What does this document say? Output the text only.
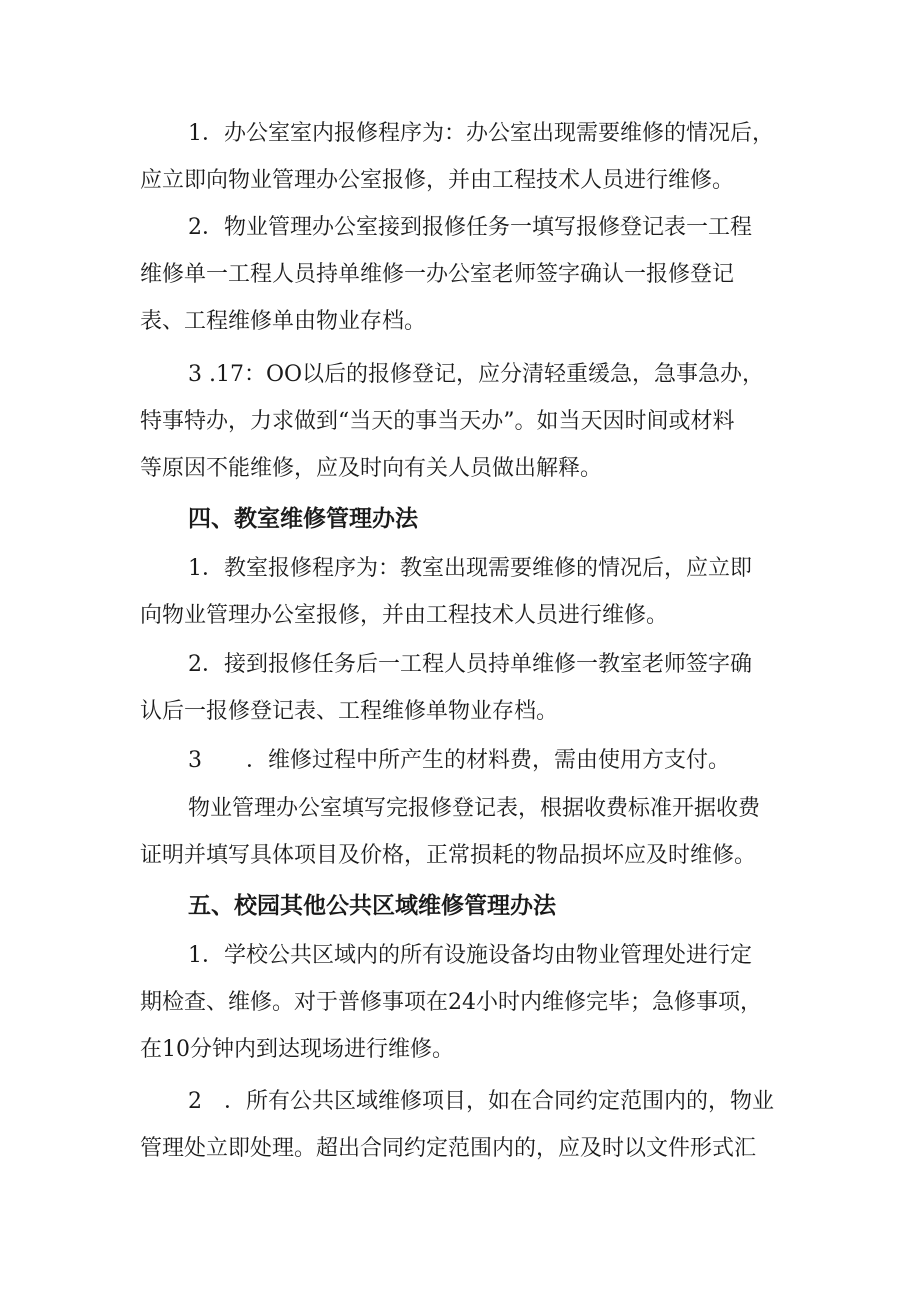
1．办公室室内报修程序为：办公室出现需要维修的情况后，
应立即向物业管理办公室报修，并由工程技术人员进行维修。

2．物业管理办公室接到报修任务一填写报修登记表一工程
维修单一工程人员持单维修一办公室老师签字确认一报修登记
表、工程维修单由物业存档。

3 .17：OO以后的报修登记，应分清轻重缓急，急事急办，
特事特办，力求做到“当天的事当天办”。如当天因时间或材料
等原因不能维修，应及时向有关人员做出解释。

四、教室维修管理办法

1．教室报修程序为：教室出现需要维修的情况后，应立即
向物业管理办公室报修，并由工程技术人员进行维修。

2．接到报修任务后一工程人员持单维修一教室老师签字确
认后一报修登记表、工程维修单物业存档。

3　　．维修过程中所产生的材料费，需由使用方支付。

物业管理办公室填写完报修登记表，根据收费标准开据收费
证明并填写具体项目及价格，正常损耗的物品损坏应及时维修。

五、校园其他公共区域维修管理办法

1．学校公共区域内的所有设施设备均由物业管理处进行定
期检查、维修。对于普修事项在24小时内维修完毕；急修事项，
在10分钟内到达现场进行维修。

2　．所有公共区域维修项目，如在合同约定范围内的，物业
管理处立即处理。超出合同约定范围内的，应及时以文件形式汇
